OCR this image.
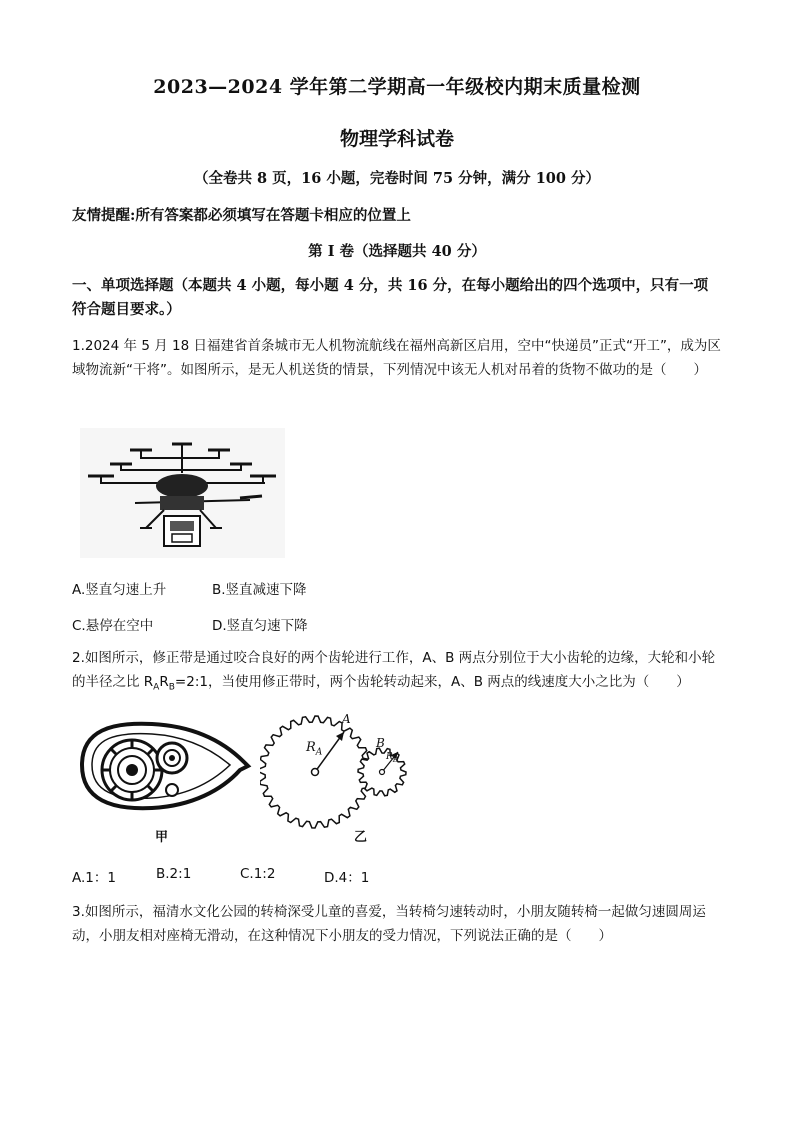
2023—2024 学年第二学期高一年级校内期末质量检测
物理学科试卷
（全卷共 8 页，16 小题，完卷时间 75 分钟，满分 100 分）
友情提醒:所有答案都必须填写在答题卡相应的位置上
第 I 卷（选择题共 40 分）
一、单项选择题（本题共 4 小题，每小题 4 分，共 16 分，在每小题给出的四个选项中，只有一项符合题目要求。）
1.2024 年 5 月 18 日福建省首条城市无人机物流航线在福州高新区启用，空中“快递员”正式“开工”，成为区域物流新“干将”。如图所示，是无人机送货的情景，下列情况中该无人机对吊着的货物不做功的是（　　）
A.竖直匀速上升	B.竖直减速下降
C.悬停在空中	D.竖直匀速下降
2.如图所示，修正带是通过咬合良好的两个齿轮进行工作，A、B 两点分别位于大小齿轮的边缘，大轮和小轮的半径之比 $R_AR_B=2:1$，当使用修正带时，两个齿轮转动起来，A、B 两点的线速度大小之比为（　　）
甲
A
B
$R_A$	$R_B$
乙
A.1：1	B.2:1	C.1:2	D.4：1
3.如图所示，福清水文化公园的转椅深受儿童的喜爱，当转椅匀速转动时，小朋友随转椅一起做匀速圆周运动，小朋友相对座椅无滑动，在这种情况下小朋友的受力情况，下列说法正确的是（　　）
